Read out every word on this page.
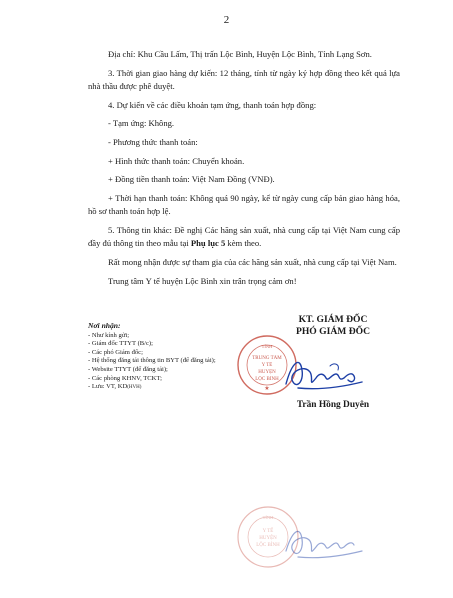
2

Địa chỉ: Khu Cầu Lấm, Thị trấn Lộc Bình, Huyện Lộc Bình, Tỉnh Lạng Sơn.

3. Thời gian giao hàng dự kiến: 12 tháng, tính từ ngày ký hợp đồng theo kết quả lựa nhà thầu được phê duyệt.

4. Dự kiến về các điều khoản tạm ứng, thanh toán hợp đồng:

- Tạm ứng: Không.

- Phương thức thanh toán:

+ Hình thức thanh toán: Chuyển khoản.

+ Đồng tiền thanh toán: Việt Nam Đồng (VNĐ).

+ Thời hạn thanh toán: Không quá 90 ngày, kể từ ngày cung cấp bản giao hàng hóa, hồ sơ thanh toán hợp lệ.

5. Thông tin khác: Đề nghị Các hãng sản xuất, nhà cung cấp tại Việt Nam cung cấp đầy đủ thông tin theo mẫu tại Phụ lục 5 kèm theo.

Rất mong nhận được sự tham gia của các hãng sản xuất, nhà cung cấp tại Việt Nam.

Trung tâm Y tế huyện Lộc Bình xin trân trọng cảm ơn!

KT. GIÁM ĐỐC
PHÓ GIÁM ĐỐC
Nơi nhận:
- Như kính gửi;
- Giám đốc TTYT (B/c);
- Các phó Giám đốc;
- Hệ thống đăng tải thông tin BYT (để đăng tải);
- Website TTYT (để đăng tải);
- Các phòng KHNV, TCKT;
- Lưu: VT, KD(HVH)
TỈNH
TRUNG TÂM
Y TẾ
HUYỆN
LỘC BÌNH
★
Trần Hồng Duyên
TỈNH
Y TẾ
HUYỆN
LỘC BÌNH
